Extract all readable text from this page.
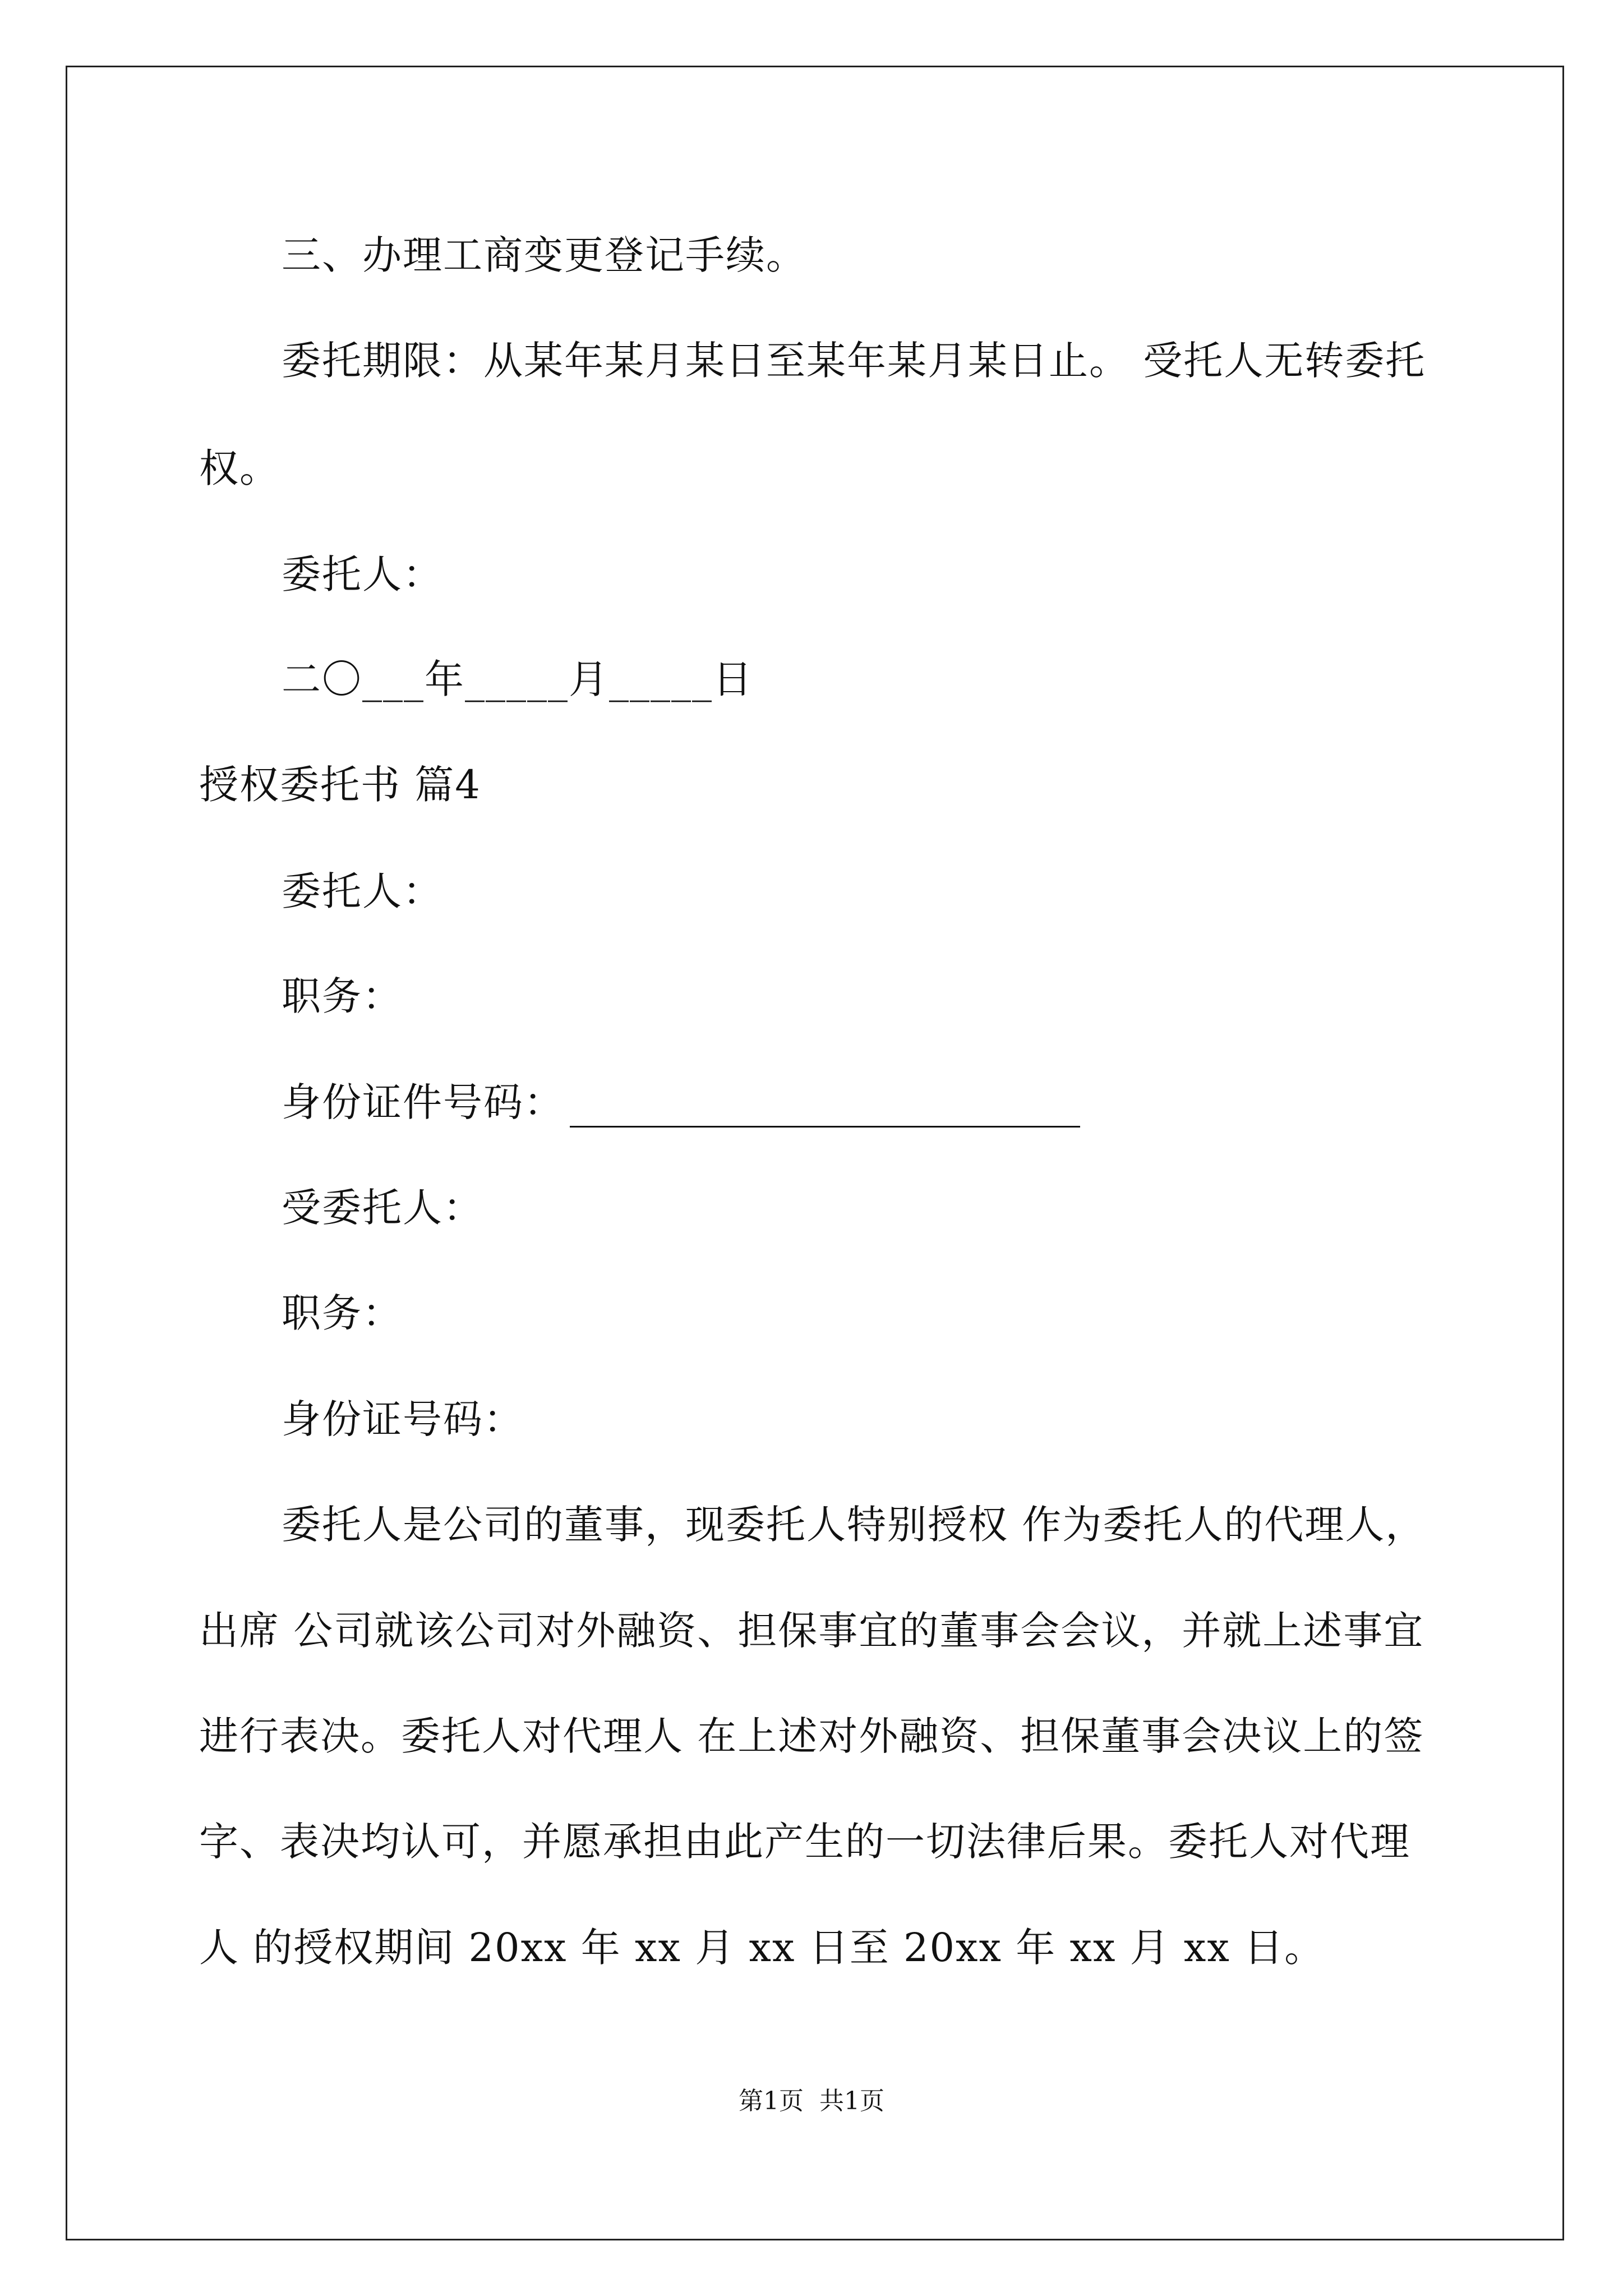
三、办理工商变更登记手续。
委托期限：从某年某月某日至某年某月某日止。 受托人无转委托
权。
委托人：
二〇___年_____月_____日
授权委托书 篇4
委托人：
职务：
身份证件号码：
受委托人：
职务：
身份证号码：
委托人是公司的董事，现委托人特别授权 作为委托人的代理人，
出席 公司就该公司对外融资、担保事宜的董事会会议，并就上述事宜
进行表决。委托人对代理人 在上述对外融资、担保董事会决议上的签
字、表决均认可，并愿承担由此产生的一切法律后果。委托人对代理
人 的授权期间 20xx 年 xx 月 xx 日至 20xx 年 xx 月 xx 日。
第1页  共1页
